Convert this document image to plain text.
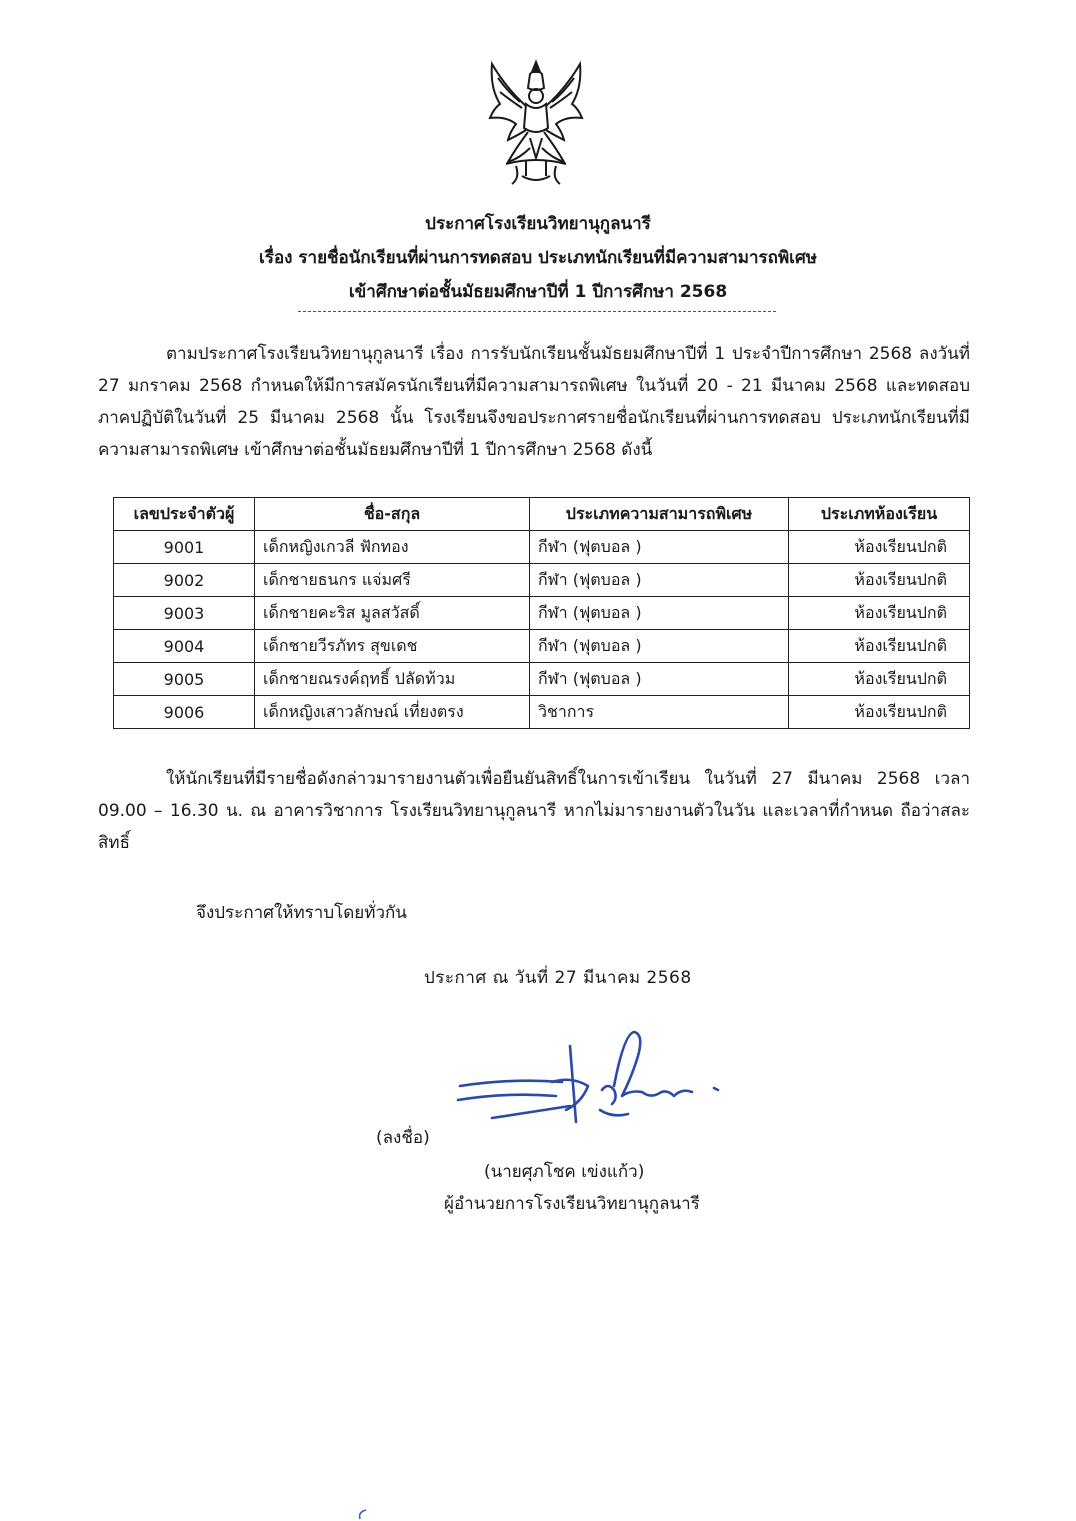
ประกาศโรงเรียนวิทยานุกูลนารี
เรื่อง รายชื่อนักเรียนที่ผ่านการทดสอบ ประเภทนักเรียนที่มีความสามารถพิเศษ
เข้าศึกษาต่อชั้นมัธยมศึกษาปีที่ 1 ปีการศึกษา 2568
ตามประกาศโรงเรียนวิทยานุกูลนารี เรื่อง การรับนักเรียนชั้นมัธยมศึกษาปีที่ 1 ประจำปีการศึกษา 2568 ลงวันที่ 27 มกราคม 2568 กำหนดให้มีการสมัครนักเรียนที่มีความสามารถพิเศษ ในวันที่ 20 - 21 มีนาคม 2568 และทดสอบภาคปฏิบัติในวันที่ 25 มีนาคม 2568 นั้น โรงเรียนจึงขอประกาศรายชื่อนักเรียนที่ผ่านการทดสอบ ประเภทนักเรียนที่มีความสามารถพิเศษ เข้าศึกษาต่อชั้นมัธยมศึกษาปีที่ 1 ปีการศึกษา 2568 ดังนี้
เลขประจำตัวผู้	ชื่อ-สกุล	ประเภทความสามารถพิเศษ	ประเภทห้องเรียน
9001	เด็กหญิงเกวลี ฟักทอง	กีฬา (ฟุตบอล )	ห้องเรียนปกติ
9002	เด็กชายธนกร แจ่มศรี	กีฬา (ฟุตบอล )	ห้องเรียนปกติ
9003	เด็กชายคะริส มูลสวัสดิ์	กีฬา (ฟุตบอล )	ห้องเรียนปกติ
9004	เด็กชายวีรภัทร สุขเดช	กีฬา (ฟุตบอล )	ห้องเรียนปกติ
9005	เด็กชายณรงค์ฤทธิ์ ปลัดท้วม	กีฬา (ฟุตบอล )	ห้องเรียนปกติ
9006	เด็กหญิงเสาวลักษณ์ เที่ยงตรง	วิชาการ	ห้องเรียนปกติ
ให้นักเรียนที่มีรายชื่อดังกล่าวมารายงานตัวเพื่อยืนยันสิทธิ์ในการเข้าเรียน ในวันที่ 27 มีนาคม 2568 เวลา 09.00 – 16.30 น. ณ อาคารวิชาการ โรงเรียนวิทยานุกูลนารี หากไม่มารายงานตัวในวัน และเวลาที่กำหนด ถือว่าสละสิทธิ์
จึงประกาศให้ทราบโดยทั่วกัน
ประกาศ ณ วันที่ 27 มีนาคม 2568
(ลงชื่อ)
(นายศุภโชค เข่งแก้ว)
ผู้อำนวยการโรงเรียนวิทยานุกูลนารี
